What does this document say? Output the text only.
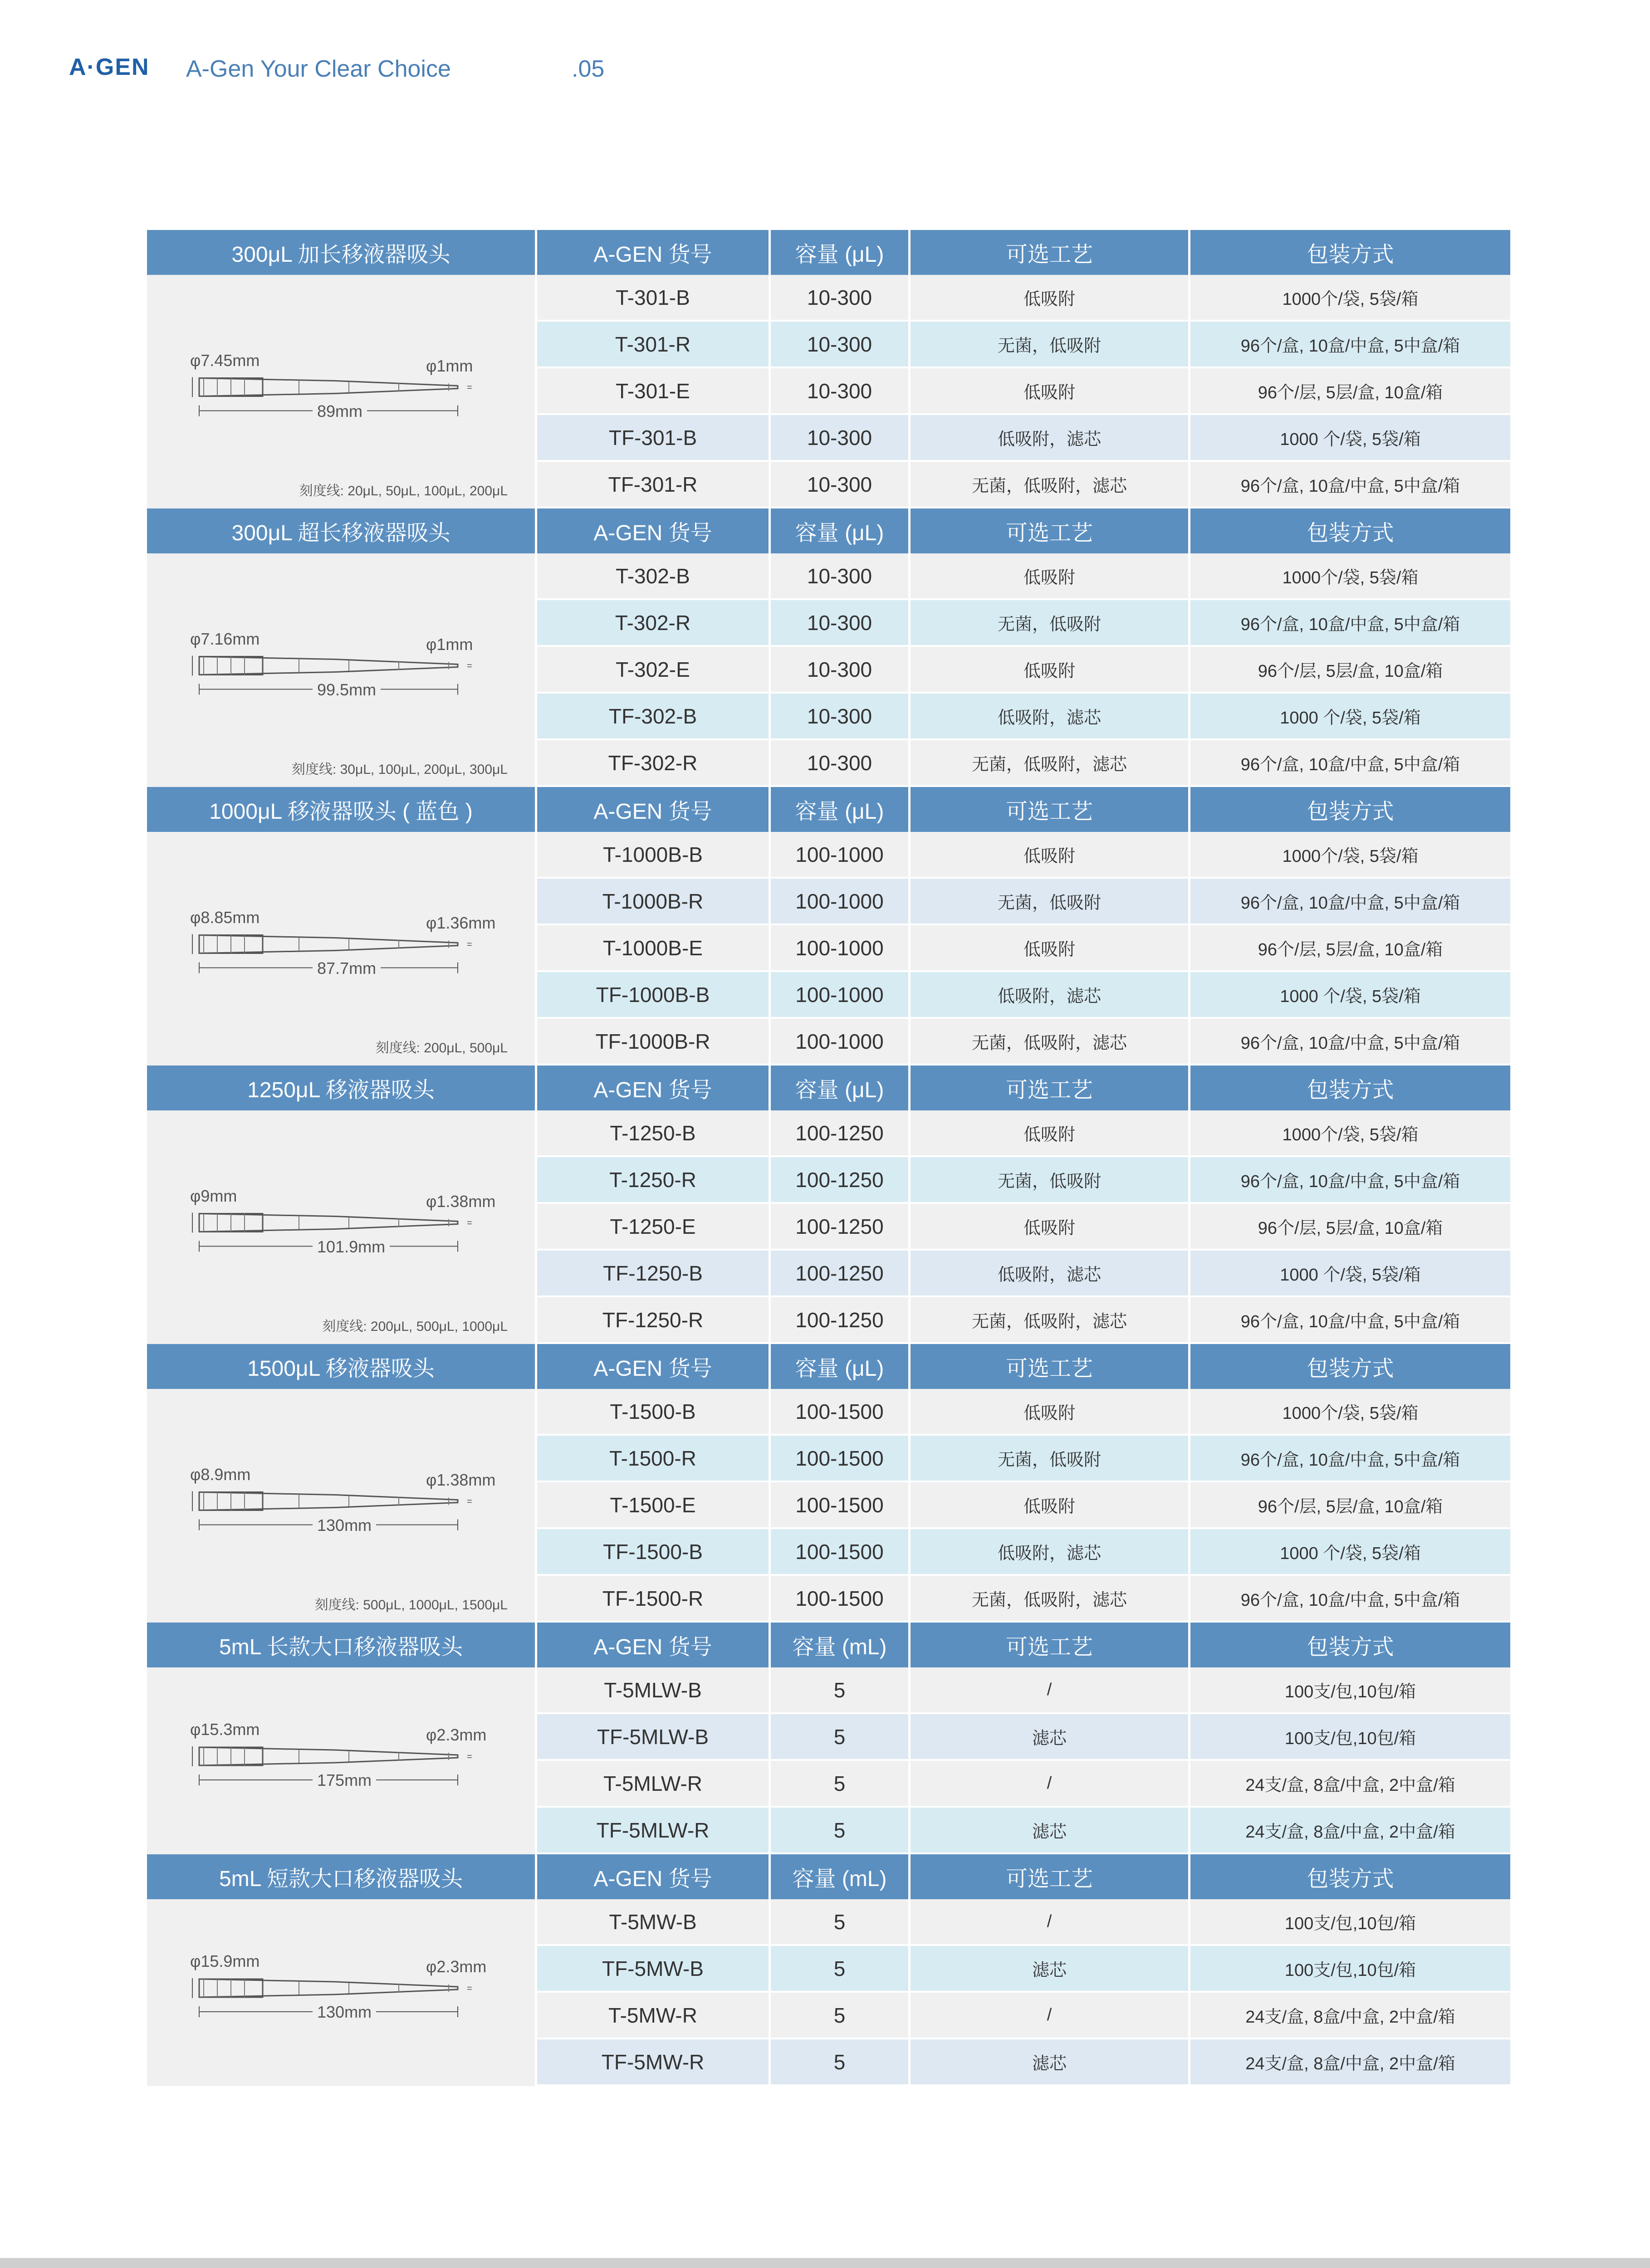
A·GEN A-Gen Your Clear Choice	.05
300μL 加长移液器吸头	A-GEN 货号	容量 (μL)	可选工艺	包装方式
=
φ7.45mm	φ1mm
89mm
刻度线: 20μL, 50μL, 100μL, 200μL
T-301-B	10-300	低吸附	1000个/袋, 5袋/箱
T-301-R	10-300	无菌，低吸附	96个/盒, 10盒/中盒, 5中盒/箱
T-301-E	10-300	低吸附	96个/层, 5层/盒, 10盒/箱
TF-301-B	10-300	低吸附，滤芯	1000 个/袋, 5袋/箱
TF-301-R	10-300	无菌，低吸附，滤芯	96个/盒, 10盒/中盒, 5中盒/箱
300μL 超长移液器吸头	A-GEN 货号	容量 (μL)	可选工艺	包装方式
=
φ7.16mm	φ1mm
99.5mm
刻度线: 30μL, 100μL, 200μL, 300μL
T-302-B	10-300	低吸附	1000个/袋, 5袋/箱
T-302-R	10-300	无菌，低吸附	96个/盒, 10盒/中盒, 5中盒/箱
T-302-E	10-300	低吸附	96个/层, 5层/盒, 10盒/箱
TF-302-B	10-300	低吸附，滤芯	1000 个/袋, 5袋/箱
TF-302-R	10-300	无菌，低吸附，滤芯	96个/盒, 10盒/中盒, 5中盒/箱
1000μL 移液器吸头 ( 蓝色 )	A-GEN 货号	容量 (μL)	可选工艺	包装方式
=
φ8.85mm	φ1.36mm
87.7mm
刻度线: 200μL, 500μL
T-1000B-B	100-1000	低吸附	1000个/袋, 5袋/箱
T-1000B-R	100-1000	无菌，低吸附	96个/盒, 10盒/中盒, 5中盒/箱
T-1000B-E	100-1000	低吸附	96个/层, 5层/盒, 10盒/箱
TF-1000B-B	100-1000	低吸附，滤芯	1000 个/袋, 5袋/箱
TF-1000B-R	100-1000	无菌，低吸附，滤芯	96个/盒, 10盒/中盒, 5中盒/箱
1250μL 移液器吸头	A-GEN 货号	容量 (μL)	可选工艺	包装方式
=
φ9mm	φ1.38mm
101.9mm
刻度线: 200μL, 500μL, 1000μL
T-1250-B	100-1250	低吸附	1000个/袋, 5袋/箱
T-1250-R	100-1250	无菌，低吸附	96个/盒, 10盒/中盒, 5中盒/箱
T-1250-E	100-1250	低吸附	96个/层, 5层/盒, 10盒/箱
TF-1250-B	100-1250	低吸附，滤芯	1000 个/袋, 5袋/箱
TF-1250-R	100-1250	无菌，低吸附，滤芯	96个/盒, 10盒/中盒, 5中盒/箱
1500μL 移液器吸头	A-GEN 货号	容量 (μL)	可选工艺	包装方式
=
φ8.9mm	φ1.38mm
130mm
刻度线: 500μL, 1000μL, 1500μL
T-1500-B	100-1500	低吸附	1000个/袋, 5袋/箱
T-1500-R	100-1500	无菌，低吸附	96个/盒, 10盒/中盒, 5中盒/箱
T-1500-E	100-1500	低吸附	96个/层, 5层/盒, 10盒/箱
TF-1500-B	100-1500	低吸附，滤芯	1000 个/袋, 5袋/箱
TF-1500-R	100-1500	无菌，低吸附，滤芯	96个/盒, 10盒/中盒, 5中盒/箱
5mL 长款大口移液器吸头	A-GEN 货号	容量 (mL)	可选工艺	包装方式
=
φ15.3mm	φ2.3mm
175mm
T-5MLW-B	5	/	100支/包,10包/箱
TF-5MLW-B	5	滤芯	100支/包,10包/箱
T-5MLW-R	5	/	24支/盒, 8盒/中盒, 2中盒/箱
TF-5MLW-R	5	滤芯	24支/盒, 8盒/中盒, 2中盒/箱
5mL 短款大口移液器吸头	A-GEN 货号	容量 (mL)	可选工艺	包装方式
=
φ15.9mm	φ2.3mm
130mm
T-5MW-B	5	/	100支/包,10包/箱
TF-5MW-B	5	滤芯	100支/包,10包/箱
T-5MW-R	5	/	24支/盒, 8盒/中盒, 2中盒/箱
TF-5MW-R	5	滤芯	24支/盒, 8盒/中盒, 2中盒/箱
